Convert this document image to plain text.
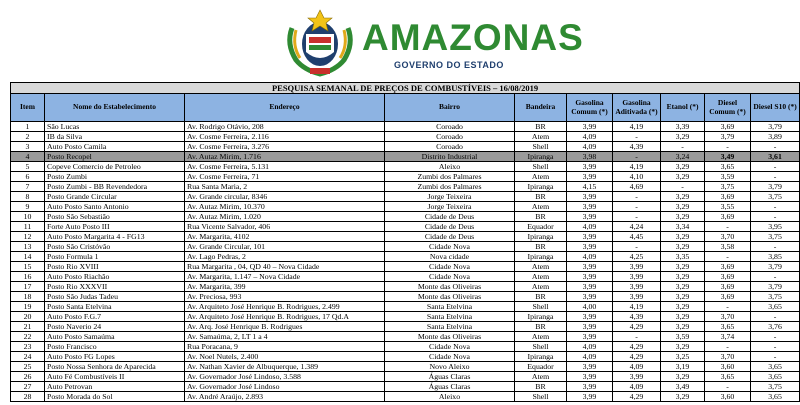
AMAZONAS
GOVERNO DO ESTADO
PESQUISA SEMANAL DE PREÇOS DE COMBUSTÍVEIS – 16/08/2019									
Item	Nome do Estabelecimento	Endereço	Bairro	Bandeira	Gasolina Comum (*)	Gasolina Aditivada (*)	Etanol (*)	Diesel Comum (*)	Diesel S10 (*)
1	São Lucas	Av. Rodrigo Otávio, 208	Coroado	BR	3,99	4,19	3,39	3,69	3,79
2	IB da Silva	Av. Cosme Ferreira, 2.116	Coroado	Atem	4,09	-	3,29	3,79	3,89
3	Auto Posto Camila	Av. Cosme Ferreira, 3.276	Coroado	Shell	4,09	4,39	-	-	-
4	Posto Recopel	Av. Autaz Mirim, 1.716	Distrito Industrial	Ipiranga	3,98	-	3,24	3,49	3,61
5	Copeve Comercio de Petroleo	Av. Cosme Ferreira, 5.131	Aleixo	Shell	3,99	4,19	3,29	3,65	-
6	Posto Zumbi	Av. Cosme Ferreira, 71	Zumbi dos Palmares	Atem	3,99	4,10	3,29	3,59	-
7	Posto Zumbi - BB Revendedora	Rua Santa Maria, 2	Zumbi dos Palmares	Ipiranga	4,15	4,69	-	3,75	3,79
8	Posto Grande Circular	Av. Grande circular, 8346	Jorge Teixeira	BR	3,99	-	3,29	3,69	3,75
9	Auto Posto Santo Antonio	Av. Autaz Mirim, 10.370	Jorge Teixeira	Atem	3,99	-	3,29	3,55	-
10	Posto São Sebastião	Av. Autaz Mirim, 1.020	Cidade de Deus	BR	3,99	-	3,29	3,69	-
11	Forte Auto Posto III	Rua Vicente Salvador, 406	Cidade de Deus	Equador	4,09	4,24	3,34	-	3,95
12	Auto Posto Margarita 4 - FG13	Av. Margarita, 4102	Cidade de Deus	Ipiranga	3,99	4,45	3,29	3,70	3,75
13	Posto São Cristóvão	Av. Grande Circular, 101	Cidade Nova	BR	3,99	-	3,29	3,58	-
14	Posto Formula 1	Av. Lago Pedras, 2	Nova cidade	Ipiranga	4,09	4,25	3,35	-	3,85
15	Posto Rio XVIII	Rua Margarita , 04, QD 40 – Nova Cidade	Cidade Nova	Atem	3,99	3,99	3,29	3,69	3,79
16	Auto Posto Riachão	Av. Margarita, 1.147 – Nova Cidade	Cidade Nova	Atem	3,99	3,99	3,29	3,69	-
17	Posto Rio XXXVII	Av. Margarita, 399	Monte das Oliveiras	Atem	3,99	3,99	3,29	3,69	3,79
18	Posto São Judas Tadeu	Av. Preciosa, 993	Monte das Oliveiras	BR	3,99	3,99	3,29	3,69	3,75
19	Posto Santa Etelvina	Av. Arquiteto José Henrique B. Rodrigues, 2.499	Santa Etelvina	Shell	4,00	4,19	3,29	-	3,65
20	Auto Posto F.G.7	Av. Arquiteto José Henrique B. Rodrigues, 17 Qd.A	Santa Etelvina	Ipiranga	3,99	4,39	3,29	3,70	-
21	Posto Naverio 24	Av. Arq. José Henrique B. Rodrigues	Santa Etelvina	BR	3,99	4,29	3,29	3,65	3,76
22	Auto Posto Samaúma	Av. Samaúma, 2, LT 1 a 4	Monte das Oliveiras	Atem	3,99	-	3,59	3,74	-
23	Posto Francisco	Rua Poracana, 9	Cidade Nova	Shell	4,09	4,29	3,29	-	-
24	Auto Posto FG Lopes	Av. Noel Nutels, 2.400	Cidade Nova	Ipiranga	4,09	4,29	3,25	3,70	-
25	Posto Nossa Senhora de Aparecida	Av. Nathan Xavier de Albuquerque, 1.389	Novo Aleixo	Equador	3,99	4,09	3,19	3,60	3,65
26	Auto Fé Combustíveis II	Av. Governador José Lindoso, 3.588	Águas Claras	Atem	3,99	3,99	3,29	3,65	3,65
27	Auto Petrovan	Av. Governador José Lindoso	Águas Claras	BR	3,99	4,09	3,49	-	3,75
28	Posto Morada do Sol	Av. André Araújo, 2.893	Aleixo	Shell	3,99	4,29	3,29	3,60	3,65
